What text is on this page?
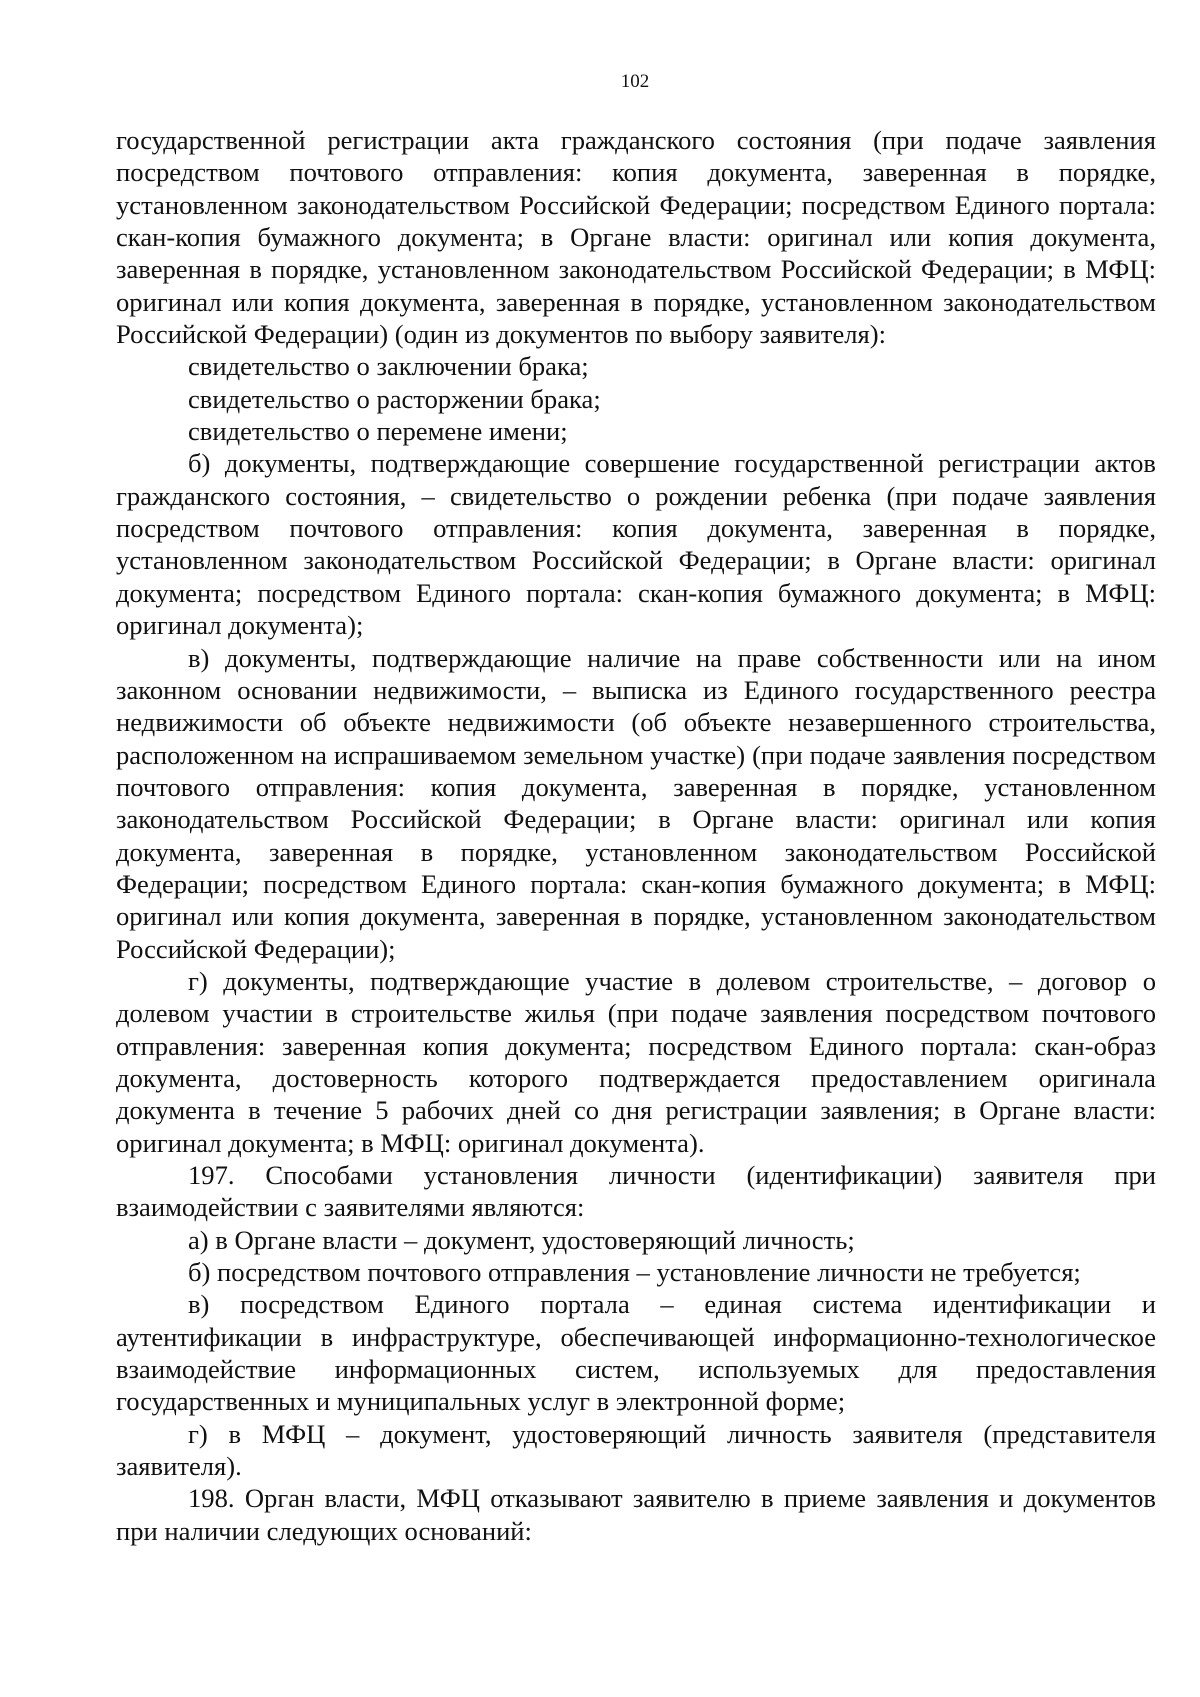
102

государственной регистрации акта гражданского состояния (при подаче заявления посредством почтового отправления: копия документа, заверенная в порядке, установленном законодательством Российской Федерации; посредством Единого портала: скан-копия бумажного документа; в Органе власти: оригинал или копия документа, заверенная в порядке, установленном законодательством Российской Федерации; в МФЦ: оригинал или копия документа, заверенная в порядке, установленном законодательством Российской Федерации) (один из документов по выбору заявителя):

свидетельство о заключении брака;

свидетельство о расторжении брака;

свидетельство о перемене имени;

б) документы, подтверждающие совершение государственной регистрации актов гражданского состояния, – свидетельство о рождении ребенка (при подаче заявления посредством почтового отправления: копия документа, заверенная в порядке, установленном законодательством Российской Федерации; в Органе власти: оригинал документа; посредством Единого портала: скан-копия бумажного документа; в МФЦ: оригинал документа);

в) документы, подтверждающие наличие на праве собственности или на ином законном основании недвижимости, – выписка из Единого государственного реестра недвижимости об объекте недвижимости (об объекте незавершенного строительства, расположенном на испрашиваемом земельном участке) (при подаче заявления посредством почтового отправления: копия документа, заверенная в порядке, установленном законодательством Российской Федерации; в Органе власти: оригинал или копия документа, заверенная в порядке, установленном законодательством Российской Федерации; посредством Единого портала: скан-копия бумажного документа; в МФЦ: оригинал или копия документа, заверенная в порядке, установленном законодательством Российской Федерации);

г) документы, подтверждающие участие в долевом строительстве, – договор о долевом участии в строительстве жилья (при подаче заявления посредством почтового отправления: заверенная копия документа; посредством Единого портала: скан-образ документа, достоверность которого подтверждается предоставлением оригинала документа в течение 5 рабочих дней со дня регистрации заявления; в Органе власти: оригинал документа; в МФЦ: оригинал документа).

197. Способами установления личности (идентификации) заявителя при взаимодействии с заявителями являются:

а) в Органе власти – документ, удостоверяющий личность;

б) посредством почтового отправления – установление личности не требуется;

в) посредством Единого портала – единая система идентификации и аутентификации в инфраструктуре, обеспечивающей информационно-технологическое взаимодействие информационных систем, используемых для предоставления государственных и муниципальных услуг в электронной форме;

г) в МФЦ – документ, удостоверяющий личность заявителя (представителя заявителя).

198. Орган власти, МФЦ отказывают заявителю в приеме заявления и документов при наличии следующих оснований:
